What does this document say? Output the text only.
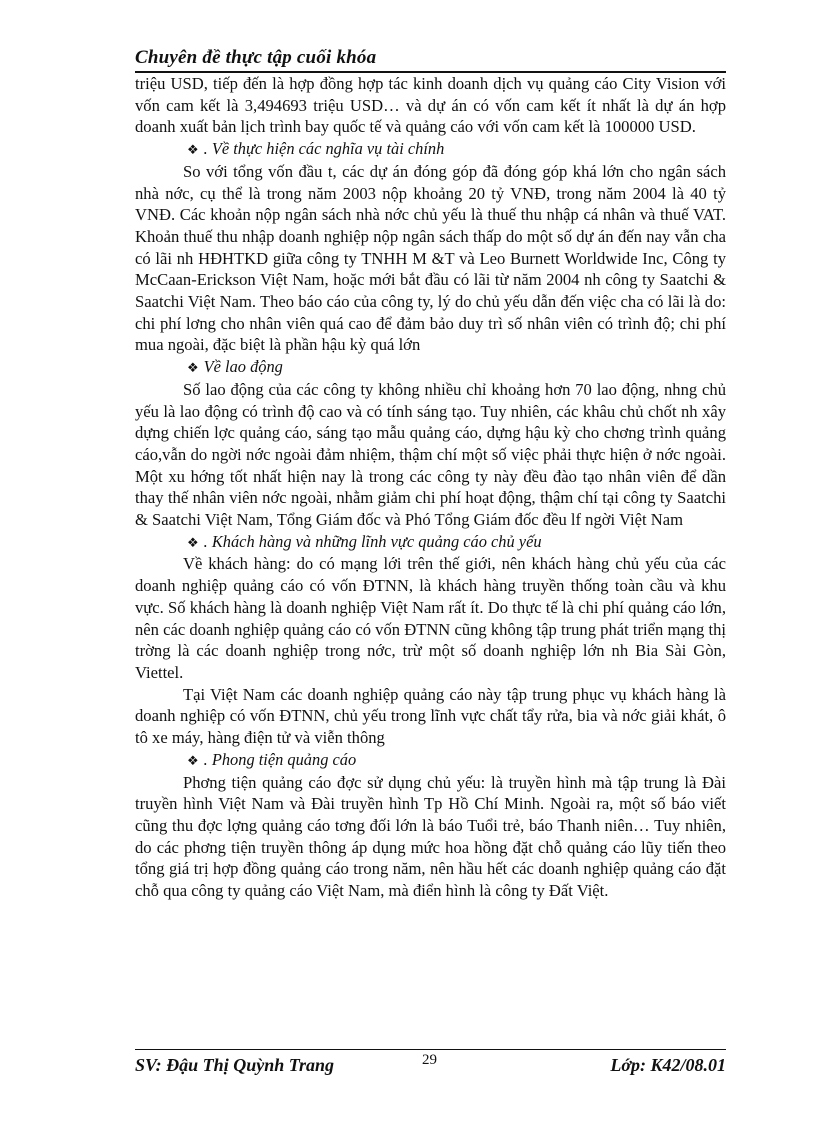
Chuyên đề thực tập cuối khóa

triệu USD, tiếp đến là hợp đồng hợp tác kinh doanh dịch vụ quảng cáo City Vision với vốn cam kết là 3,494693 triệu USD… và dự án có vốn cam kết ít nhất là dự án hợp doanh xuất bản lịch trình bay quốc tế và quảng cáo với vốn cam kết là 100000 USD.

❖ . Về thực hiện các nghĩa vụ tài chính

So với tổng vốn đầu t, các dự án đóng góp đã đóng góp khá lớn cho ngân sách nhà nớc, cụ thể là trong năm 2003 nộp khoảng 20 tỷ VNĐ, trong năm 2004 là 40 tỷ VNĐ. Các khoản nộp ngân sách nhà nớc chủ yếu là thuế thu nhập cá nhân và thuế VAT. Khoản thuế thu nhập doanh nghiệp nộp ngân sách thấp do một số dự án đến nay vẫn cha có lãi nh HĐHTKD giữa công ty TNHH M &T và Leo Burnett Worldwide Inc, Công ty McCaan-Erickson Việt Nam, hoặc mới bắt đầu có lãi từ năm 2004 nh công ty Saatchi & Saatchi Việt Nam. Theo báo cáo của công ty, lý do chủ yếu dẫn đến việc cha có lãi là do: chi phí lơng cho nhân viên quá cao để đảm bảo duy trì số nhân viên có trình độ; chi phí mua ngoài, đặc biệt là phần hậu kỳ quá lớn

❖ Về lao động

Số lao động của các công ty không nhiều chỉ khoảng hơn 70 lao động, nhng chủ yếu là lao động có trình độ cao và có tính sáng tạo. Tuy nhiên, các khâu chủ chốt nh xây dựng chiến lợc quảng cáo, sáng tạo mẫu quảng cáo, dựng hậu kỳ cho chơng trình quảng cáo,vẫn do ngời nớc ngoài đảm nhiệm, thậm chí một số việc phải thực hiện ở nớc ngoài. Một xu hớng tốt nhất hiện nay là trong các công ty này đều đào tạo nhân viên để dần thay thế nhân viên nớc ngoài, nhằm giảm chi phí hoạt động, thậm chí tại công ty Saatchi & Saatchi Việt Nam, Tổng Giám đốc và Phó Tổng Giám đốc đều lf ngời Việt Nam

❖ . Khách hàng và những lĩnh vực quảng cáo chủ yếu

Về khách hàng: do có mạng lới trên thế giới, nên khách hàng chủ yếu của các doanh nghiệp quảng cáo có vốn ĐTNN, là khách hàng truyền thống toàn cầu và khu vực. Số khách hàng là doanh nghiệp Việt Nam rất ít. Do thực tế là chi phí quảng cáo lớn, nên các doanh nghiệp quảng cáo có vốn ĐTNN cũng không tập trung phát triển mạng thị trờng là các doanh nghiệp trong nớc, trừ một số doanh nghiệp lớn nh Bia Sài Gòn, Viettel.

Tại Việt Nam các doanh nghiệp quảng cáo này tập trung phục vụ khách hàng là doanh nghiệp có vốn ĐTNN, chủ yếu trong lĩnh vực chất tẩy rửa, bia và nớc giải khát, ô tô xe máy, hàng điện tử và viễn thông

❖ . Phong tiện quảng cáo

Phơng tiện quảng cáo đợc sử dụng chủ yếu: là truyền hình mà tập trung là Đài truyền hình Việt Nam và Đài truyền hình Tp Hồ Chí Minh. Ngoài ra, một số báo viết cũng thu đợc lợng quảng cáo tơng đối lớn là báo Tuổi trẻ, báo Thanh niên… Tuy nhiên, do các phơng tiện truyền thông áp dụng mức hoa hồng đặt chỗ quảng cáo lũy tiến theo tổng giá trị hợp đồng quảng cáo trong năm, nên hầu hết các doanh nghiệp quảng cáo đặt chỗ qua công ty quảng cáo Việt Nam, mà điển hình là công ty Đất Việt.

SV: Đậu Thị Quỳnh Trang	29	Lớp: K42/08.01
